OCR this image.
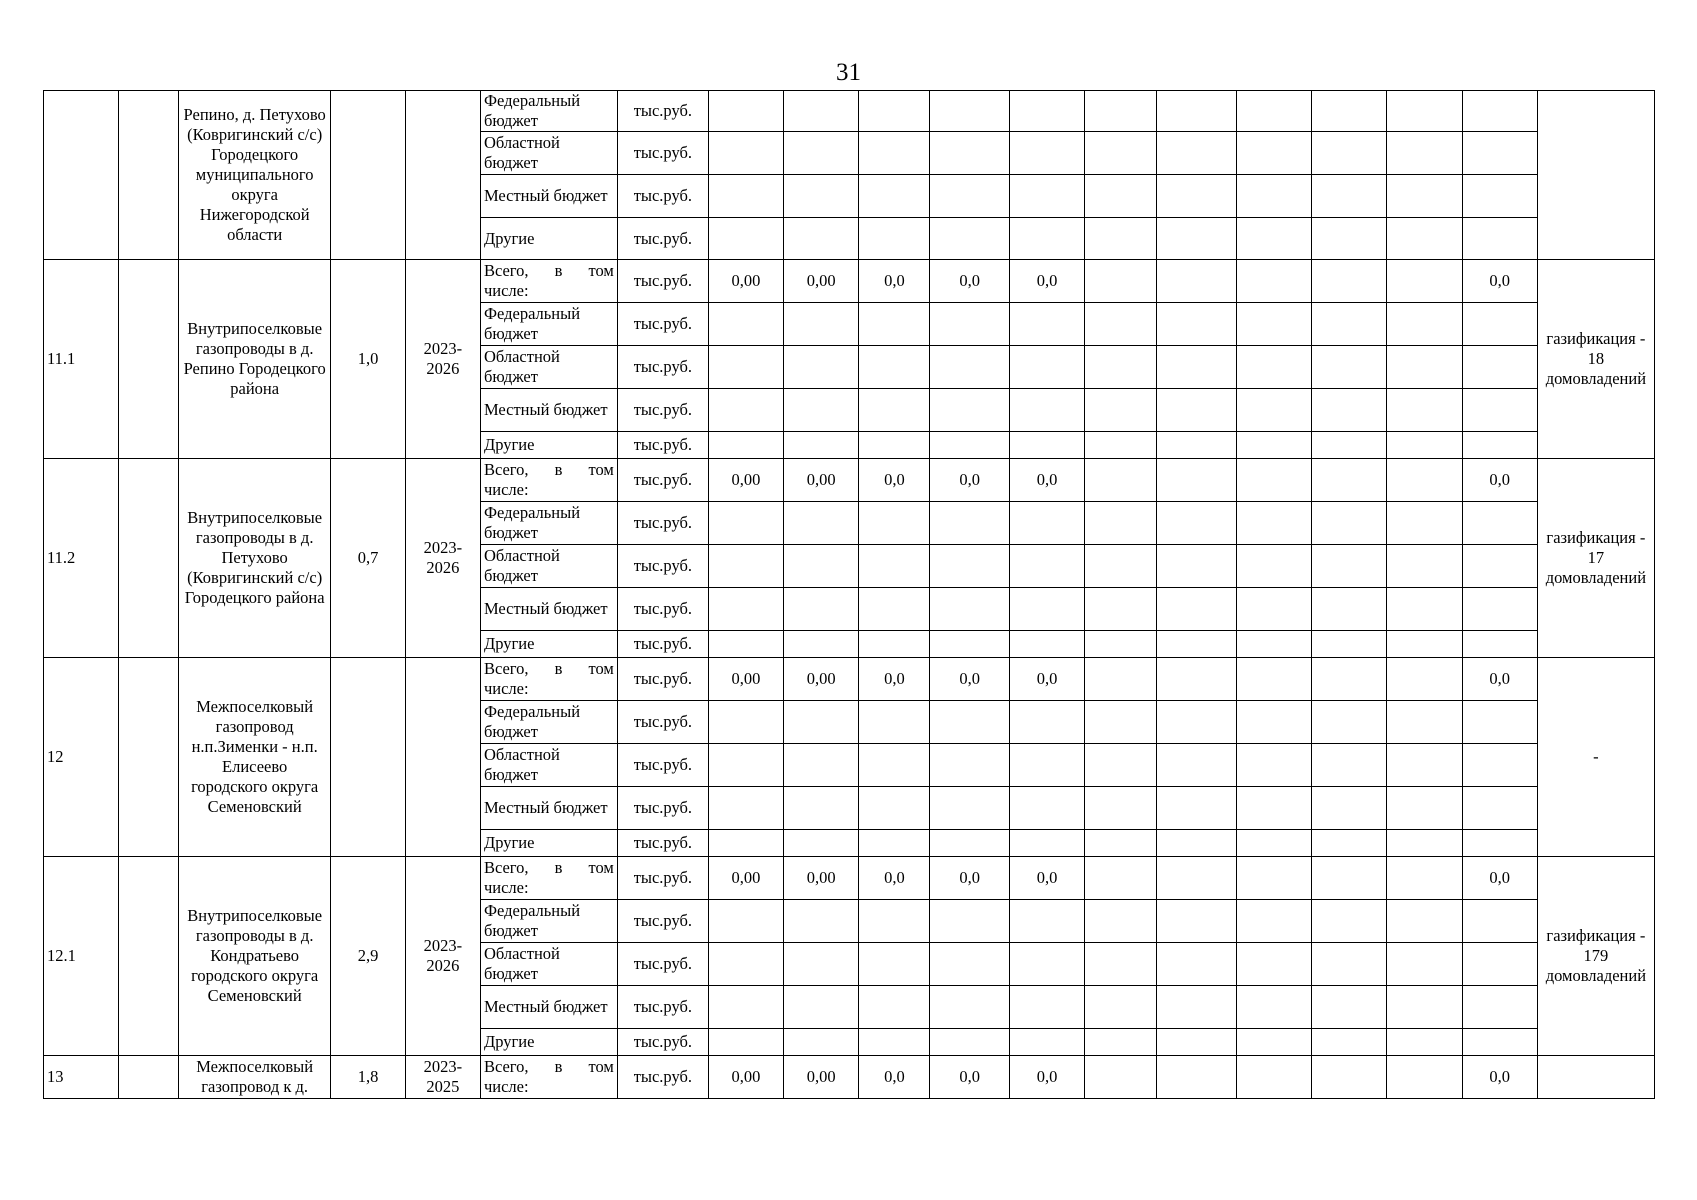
31
		Репино, д. Петухово (Ковригинский с/с) Городецкого муниципального округа Нижегородской области			Федеральный бюджет	тыс.руб.												
					Областной бюджет	тыс.руб.												
					Местный бюджет	тыс.руб.												
					Другие	тыс.руб.												
11.1		Внутрипоселковые газопроводы в д. Репино Городецкого района	1,0	2023-2026	Всего, в том
числе:	тыс.руб.	0,00	0,00	0,0	0,0	0,0						0,0	газификация - 18 домовладений
					Федеральный бюджет	тыс.руб.												
					Областной бюджет	тыс.руб.												
					Местный бюджет	тыс.руб.												
					Другие	тыс.руб.												
11.2		Внутрипоселковые газопроводы в д. Петухово (Ковригинский с/с) Городецкого района	0,7	2023-2026	Всего, в том
числе:	тыс.руб.	0,00	0,00	0,0	0,0	0,0						0,0	газификация - 17 домовладений
					Федеральный бюджет	тыс.руб.												
					Областной бюджет	тыс.руб.												
					Местный бюджет	тыс.руб.												
					Другие	тыс.руб.												
12		Межпоселковый газопровод н.п.Зименки - н.п. Елисеево городского округа Семеновский			Всего, в том
числе:	тыс.руб.	0,00	0,00	0,0	0,0	0,0						0,0	-
					Федеральный бюджет	тыс.руб.												
					Областной бюджет	тыс.руб.												
					Местный бюджет	тыс.руб.												
					Другие	тыс.руб.												
12.1		Внутрипоселковые газопроводы в д. Кондратьево городского округа Семеновский	2,9	2023-2026	Всего, в том
числе:	тыс.руб.	0,00	0,00	0,0	0,0	0,0						0,0	газификация - 179 домовладений
					Федеральный бюджет	тыс.руб.												
					Областной бюджет	тыс.руб.												
					Местный бюджет	тыс.руб.												
					Другие	тыс.руб.												
13		Межпоселковый газопровод к д.	1,8	2023-2025	Всего, в том
числе:	тыс.руб.	0,00	0,00	0,0	0,0	0,0						0,0	
